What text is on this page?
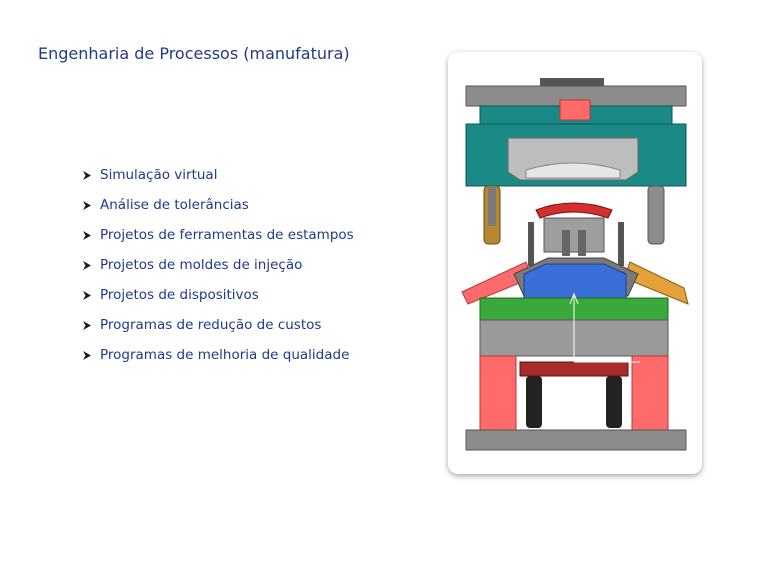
Engenharia de Processos (manufatura)
Simulação virtual
Análise de tolerâncias
Projetos de ferramentas de estampos
Projetos de moldes de injeção
Projetos de dispositivos
Programas de redução de custos
Programas de melhoria de qualidade
